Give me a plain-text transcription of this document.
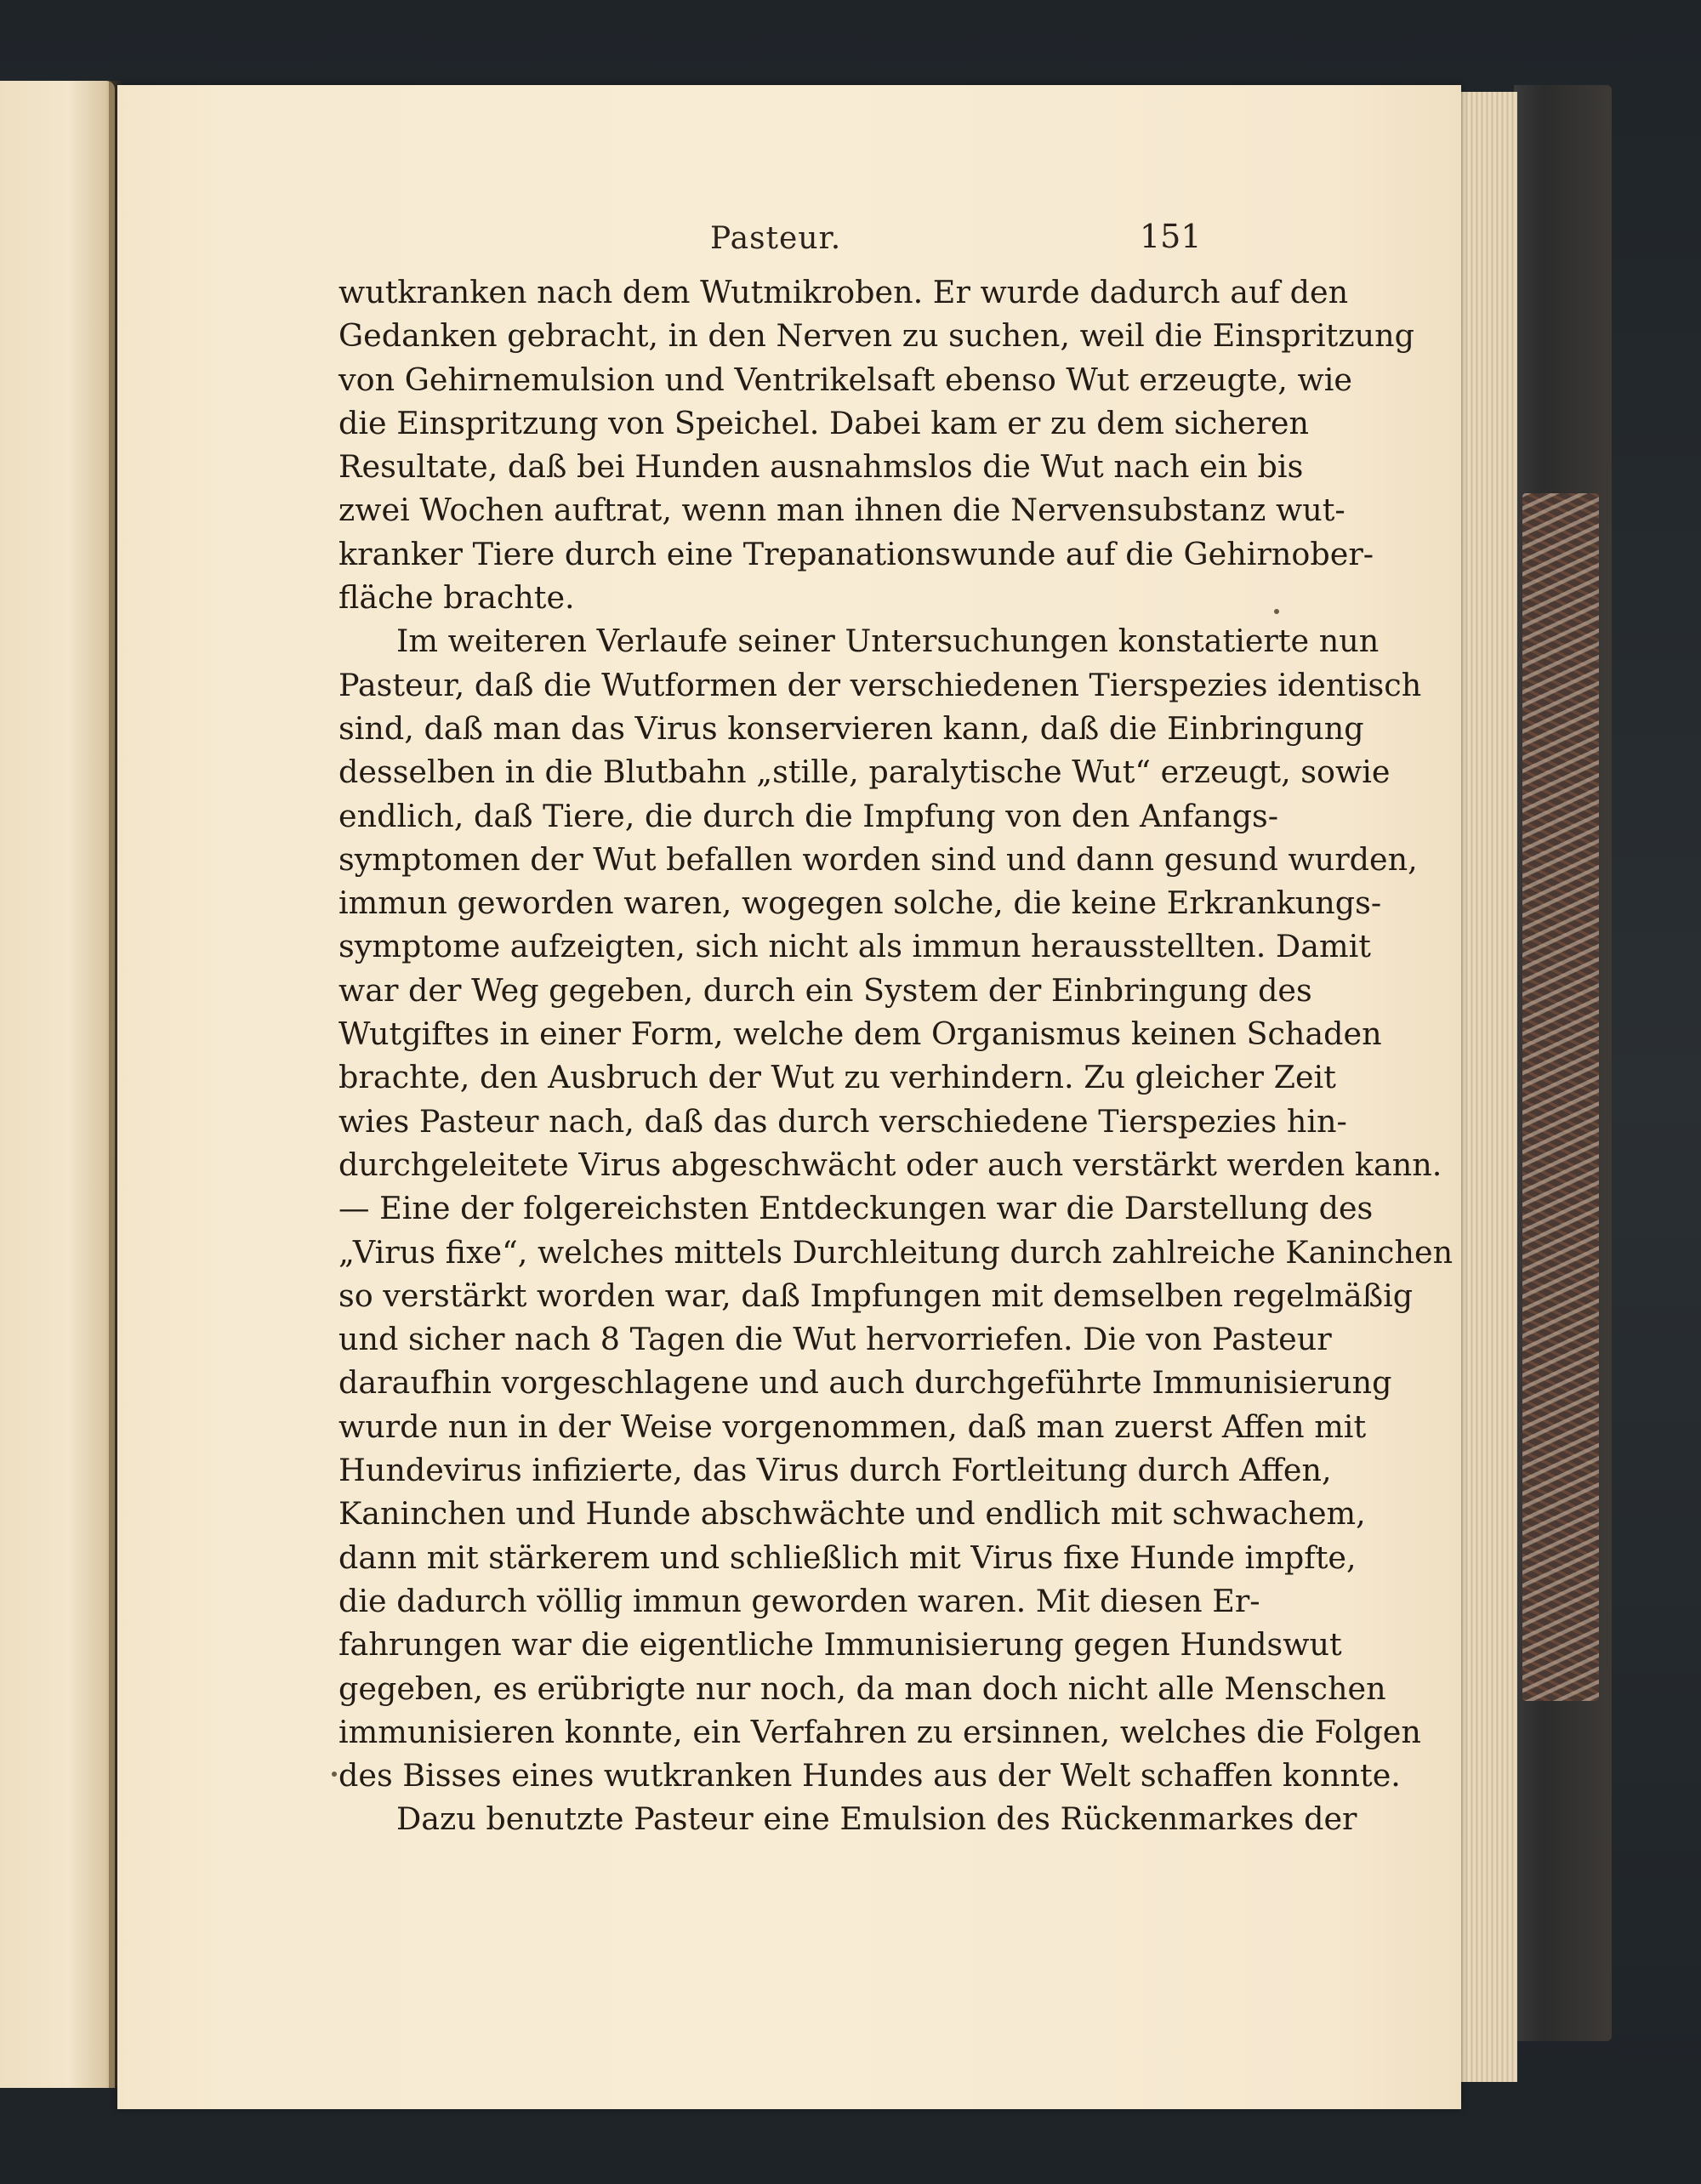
Pasteur.	151
wutkranken nach dem Wutmikroben. Er wurde dadurch auf den
Gedanken gebracht, in den Nerven zu suchen, weil die Einspritzung
von Gehirnemulsion und Ventrikelsaft ebenso Wut erzeugte, wie
die Einspritzung von Speichel. Dabei kam er zu dem sicheren
Resultate, daß bei Hunden ausnahmslos die Wut nach ein bis
zwei Wochen auftrat, wenn man ihnen die Nervensubstanz wut-
kranker Tiere durch eine Trepanationswunde auf die Gehirnober-
fläche brachte.
Im weiteren Verlaufe seiner Untersuchungen konstatierte nun
Pasteur, daß die Wutformen der verschiedenen Tierspezies identisch
sind, daß man das Virus konservieren kann, daß die Einbringung
desselben in die Blutbahn „stille, paralytische Wut“ erzeugt, sowie
endlich, daß Tiere, die durch die Impfung von den Anfangs-
symptomen der Wut befallen worden sind und dann gesund wurden,
immun geworden waren, wogegen solche, die keine Erkrankungs-
symptome aufzeigten, sich nicht als immun herausstellten. Damit
war der Weg gegeben, durch ein System der Einbringung des
Wutgiftes in einer Form, welche dem Organismus keinen Schaden
brachte, den Ausbruch der Wut zu verhindern. Zu gleicher Zeit
wies Pasteur nach, daß das durch verschiedene Tierspezies hin-
durchgeleitete Virus abgeschwächt oder auch verstärkt werden kann.
— Eine der folgereichsten Entdeckungen war die Darstellung des
„Virus fixe“, welches mittels Durchleitung durch zahlreiche Kaninchen
so verstärkt worden war, daß Impfungen mit demselben regelmäßig
und sicher nach 8 Tagen die Wut hervorriefen. Die von Pasteur
daraufhin vorgeschlagene und auch durchgeführte Immunisierung
wurde nun in der Weise vorgenommen, daß man zuerst Affen mit
Hundevirus infizierte, das Virus durch Fortleitung durch Affen,
Kaninchen und Hunde abschwächte und endlich mit schwachem,
dann mit stärkerem und schließlich mit Virus fixe Hunde impfte,
die dadurch völlig immun geworden waren. Mit diesen Er-
fahrungen war die eigentliche Immunisierung gegen Hundswut
gegeben, es erübrigte nur noch, da man doch nicht alle Menschen
immunisieren konnte, ein Verfahren zu ersinnen, welches die Folgen
des Bisses eines wutkranken Hundes aus der Welt schaffen konnte.
Dazu benutzte Pasteur eine Emulsion des Rückenmarkes der
